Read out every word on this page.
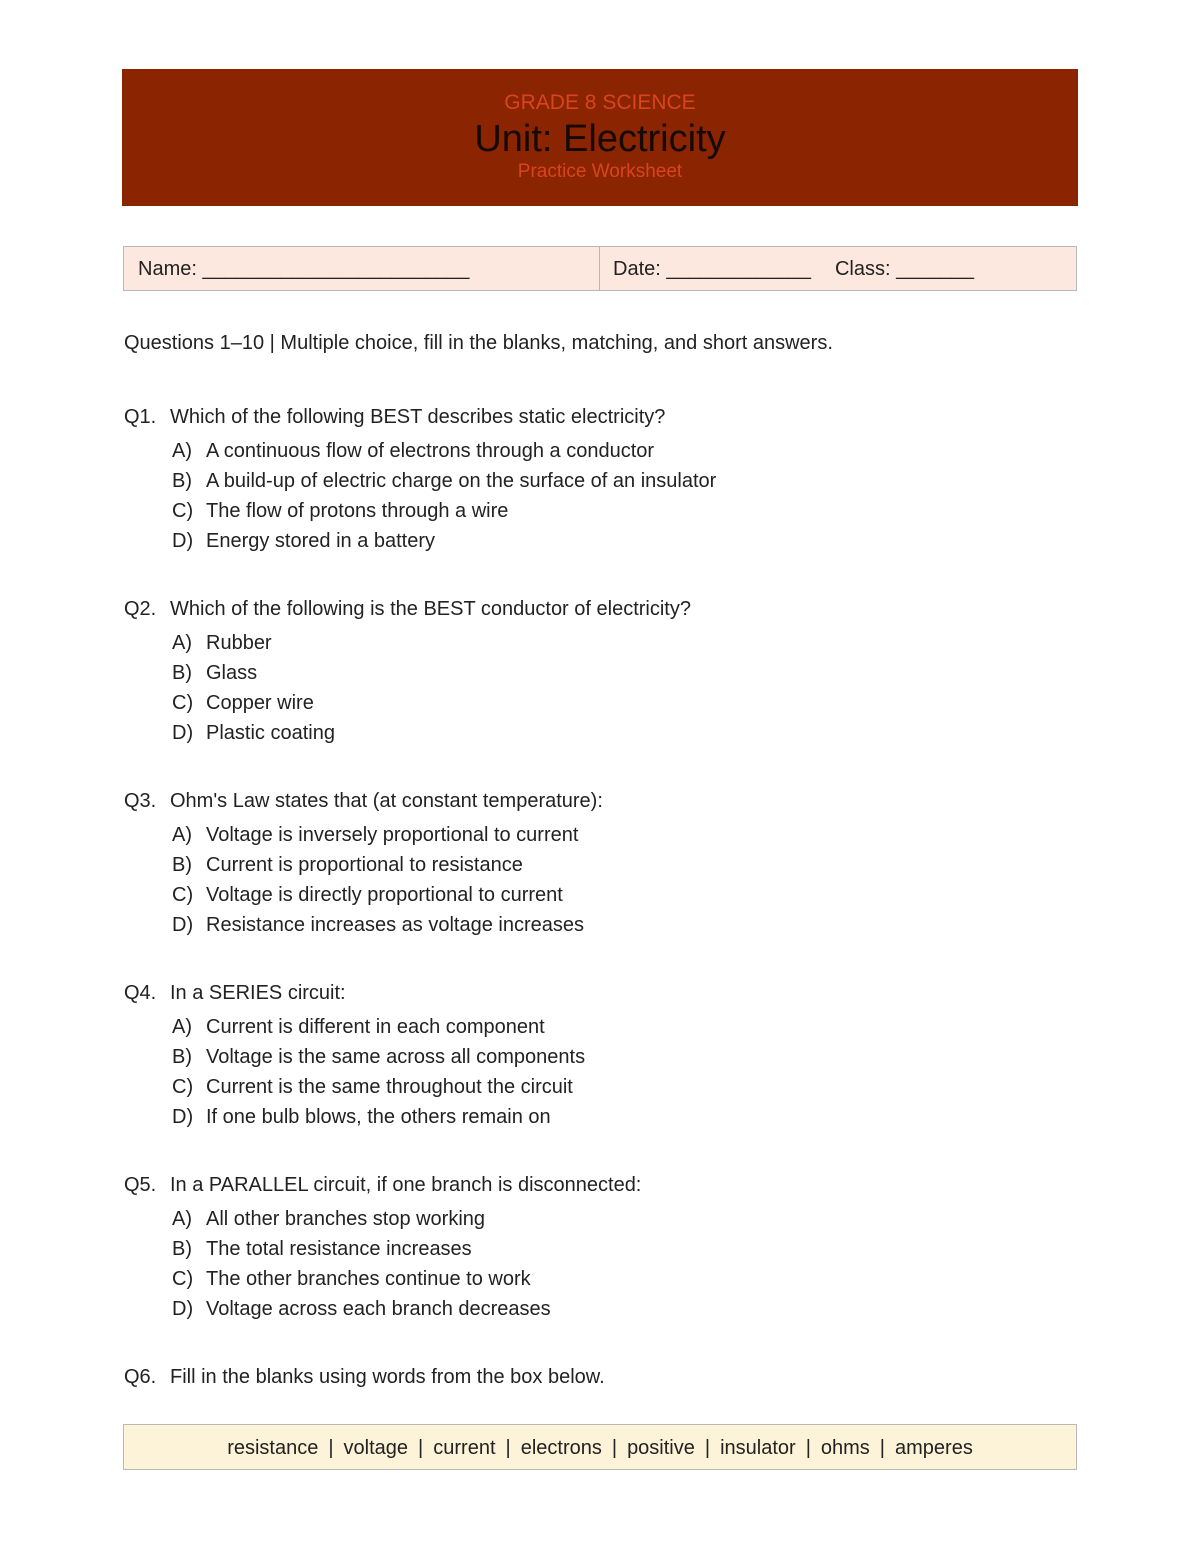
GRADE 8 SCIENCE
Unit: Electricity
Practice Worksheet
Name: ________________________	Date: _____________ Class: _______
Questions 1–10 | Multiple choice, fill in the blanks, matching, and short answers.
Q1. Which of the following BEST describes static electricity?
A) A continuous flow of electrons through a conductor
B) A build-up of electric charge on the surface of an insulator
C) The flow of protons through a wire
D) Energy stored in a battery
Q2. Which of the following is the BEST conductor of electricity?
A) Rubber
B) Glass
C) Copper wire
D) Plastic coating
Q3. Ohm's Law states that (at constant temperature):
A) Voltage is inversely proportional to current
B) Current is proportional to resistance
C) Voltage is directly proportional to current
D) Resistance increases as voltage increases
Q4. In a SERIES circuit:
A) Current is different in each component
B) Voltage is the same across all components
C) Current is the same throughout the circuit
D) If one bulb blows, the others remain on
Q5. In a PARALLEL circuit, if one branch is disconnected:
A) All other branches stop working
B) The total resistance increases
C) The other branches continue to work
D) Voltage across each branch decreases
Q6. Fill in the blanks using words from the box below.
resistance | voltage | current | electrons | positive | insulator | ohms | amperes
